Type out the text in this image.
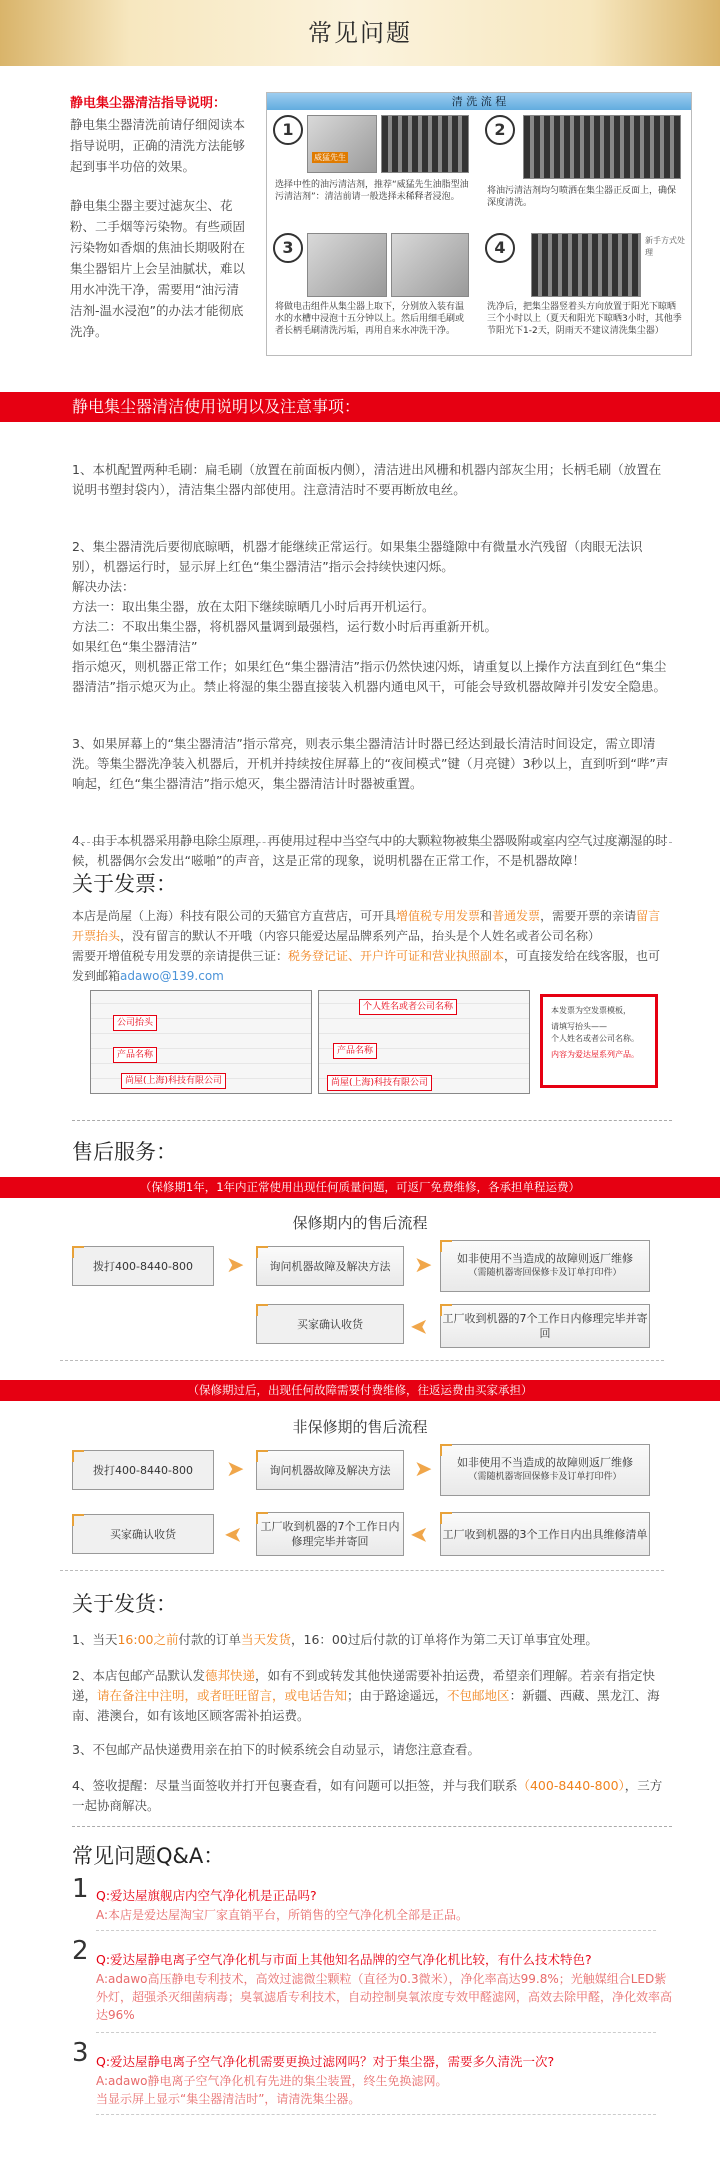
常见问题

静电集尘器清洁指导说明：
静电集尘器清洗前请仔细阅读本指导说明，正确的清洗方法能够起到事半功倍的效果。

静电集尘器主要过滤灰尘、花粉、二手烟等污染物。有些顽固污染物如香烟的焦油长期吸附在集尘器铝片上会呈油腻状，难以用水冲洗干净，需要用“油污清洁剂-温水浸泡”的办法才能彻底洗净。

清 洗 流 程
1
威猛先生
选择中性的油污清洁剂，推荐“威猛先生油脂型油污清洁剂”：清洁前请一般选择未稀释者浸泡。
2
将油污清洁剂均匀喷洒在集尘器正反面上，确保深度清洗。
3
将做电击组件从集尘器上取下，分别放入装有温水的水槽中浸泡十五分钟以上。然后用细毛刷或者长柄毛刷清洗污垢，再用自来水冲洗干净。
4	新手方式处理
洗净后，把集尘器竖着头方向放置于阳光下晾晒三个小时以上（夏天和阳光下晾晒3小时，其他季节阳光下1-2天，阴雨天不建议清洗集尘器）
静电集尘器清洁使用说明以及注意事项：

1、本机配置两种毛刷：扁毛刷（放置在前面板内侧），清洁进出风栅和机器内部灰尘用；长柄毛刷（放置在说明书塑封袋内），清洁集尘器内部使用。注意清洁时不要再断放电丝。

2、集尘器清洗后要彻底晾晒，机器才能继续正常运行。如果集尘器缝隙中有微量水汽残留（肉眼无法识别），机器运行时，显示屏上红色“集尘器清洁”指示会持续快速闪烁。
解决办法：
方法一：取出集尘器，放在太阳下继续晾晒几小时后再开机运行。
方法二：不取出集尘器，将机器风量调到最强档，运行数小时后再重新开机。
如果红色“集尘器清洁”
指示熄灭，则机器正常工作；如果红色“集尘器清洁”指示仍然快速闪烁，请重复以上操作方法直到红色“集尘器清洁”指示熄灭为止。禁止将湿的集尘器直接装入机器内通电风干，可能会导致机器故障并引发安全隐患。

3、如果屏幕上的“集尘器清洁”指示常亮，则表示集尘器清洁计时器已经达到最长清洁时间设定，需立即清洗。等集尘器洗净装入机器后，开机并持续按住屏幕上的“夜间模式”键（月亮键）3秒以上，直到听到“哔”声响起，红色“集尘器清洁”指示熄灭，集尘器清洁计时器被重置。

4、由于本机器采用静电除尘原理，再使用过程中当空气中的大颗粒物被集尘器吸附或室内空气过度潮湿的时候，机器偶尔会发出“嗞啪”的声音，这是正常的现象，说明机器在正常工作，不是机器故障！

关于发票：
本店是尚屋（上海）科技有限公司的天猫官方直营店，可开具增值税专用发票和普通发票，需要开票的亲请留言开票抬头，没有留言的默认不开哦（内容只能爱达屋品牌系列产品，抬头是个人姓名或者公司名称）
需要开增值税专用发票的亲请提供三证：税务登记证、开户许可证和营业执照副本，可直接发给在线客服，也可发到邮箱adawo@139.com
公司抬头
产品名称
尚屋(上海)科技有限公司
个人姓名或者公司名称
产品名称
尚屋(上海)科技有限公司
本发票为空发票模板，
请填写抬头——
个人姓名或者公司名称。
内容为爱达屋系列产品。
售后服务：
（保修期1年，1年内正常使用出现任何质量问题，可返厂免费维修，各承担单程运费）
保修期内的售后流程
拨打400-8440-800	➤	询问机器故障及解决方法	➤ 如非使用不当造成的故障则返厂维修
（需随机器寄回保修卡及订单打印件）
➤ 工厂收到机器的7个工作日内修理完毕并寄回
买家确认收货
（保修期过后，出现任何故障需要付费维修，往返运费由买家承担）
非保修期的售后流程
拨打400-8440-800	➤	询问机器故障及解决方法	➤ 如非使用不当造成的故障则返厂维修
（需随机器寄回保修卡及订单打印件）
工厂收到机器的3个工作日内出具维修清单
➤
工厂收到机器的7个工作日内修理完毕并寄回
➤
买家确认收货
关于发货：
1、当天16:00之前付款的订单当天发货，16：00过后付款的订单将作为第二天订单事宜处理。
2、本店包邮产品默认发德邦快递，如有不到或转发其他快递需要补拍运费，希望亲们理解。若亲有指定快递，请在备注中注明，或者旺旺留言，或电话告知；由于路途遥远，不包邮地区：新疆、西藏、黑龙江、海南、港澳台，如有该地区顾客需补拍运费。
3、不包邮产品快递费用亲在拍下的时候系统会自动显示，请您注意查看。
4、签收提醒：尽量当面签收并打开包裹查看，如有问题可以拒签，并与我们联系（400-8440-800），三方一起协商解决。
常见问题Q&A：
1 Q:爱达屋旗舰店内空气净化机是正品吗?
A:本店是爱达屋淘宝厂家直销平台，所销售的空气净化机全部是正品。
2 Q:爱达屋静电离子空气净化机与市面上其他知名品牌的空气净化机比较，有什么技术特色?
A:adawo高压静电专利技术，高效过滤微尘颗粒（直径为0.3微米），净化率高达99.8%；光触媒组合LED紫外灯，超强杀灭细菌病毒；臭氧滤盾专利技术，自动控制臭氧浓度专效甲醛滤网，高效去除甲醛，净化效率高达96%
3 Q:爱达屋静电离子空气净化机需要更换过滤网吗？对于集尘器，需要多久清洗一次?
A:adawo静电离子空气净化机有先进的集尘装置，终生免换滤网。
当显示屏上显示“集尘器清洁时”，请清洗集尘器。
